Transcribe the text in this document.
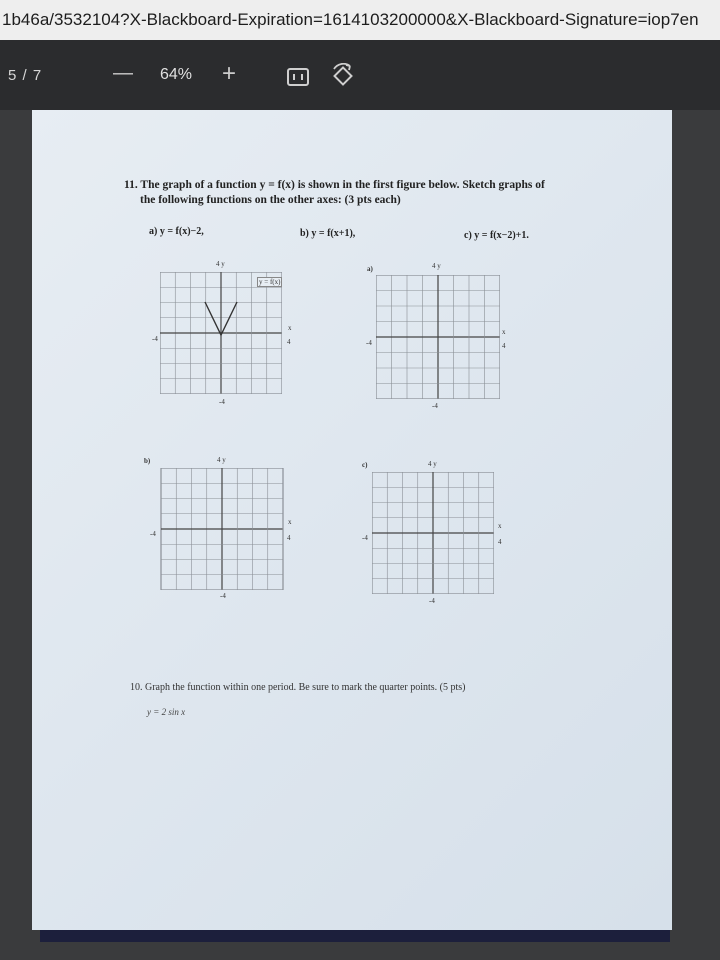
1b46a/3532104?X-Blackboard-Expiration=1614103200000&X-Blackboard-Signature=iop7en
5 / 7	— 64% +
11. The graph of a function y = f(x) is shown in the first figure below. Sketch graphs of
the following functions on the other axes: (3 pts each)
a) y = f(x)−2,	b) y = f(x+1),	c) y = f(x−2)+1.
4 y
-4	4
-4
x
y = f(x)
a)	4 y
-4	4
-4
x
b)	4 y
-4	4
-4
x
c)	4 y
-4	4
-4
x
10. Graph the function within one period. Be sure to mark the quarter points. (5 pts)
y = 2 sin x
